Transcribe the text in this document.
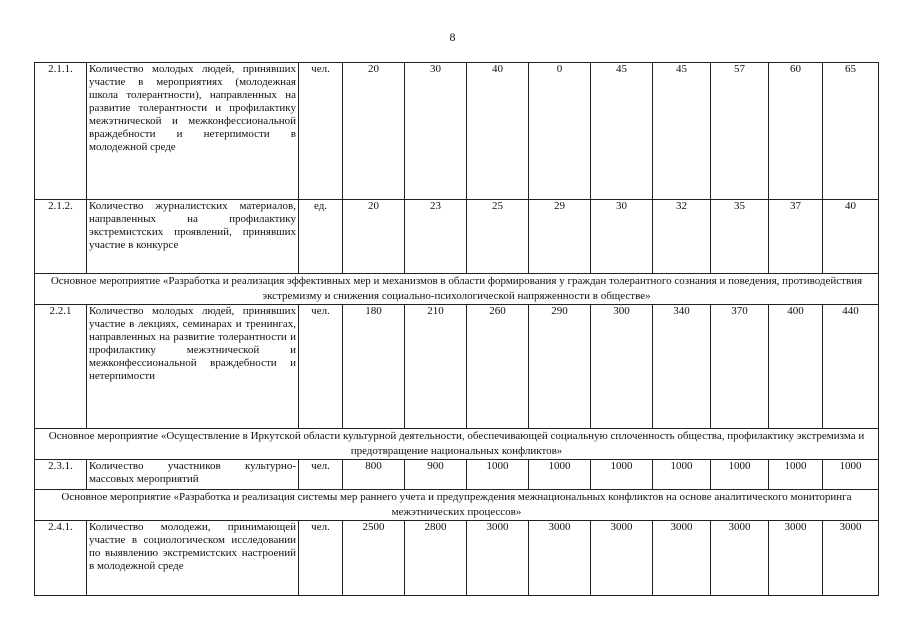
8
2.1.1.	Количество молодых людей, принявших участие в мероприятиях (молодежная школа толерантности), направленных на развитие толерантности и профилактику межэтнической и межконфессиональной враждебности и нетерпимости в молодежной среде	чел.	20	30	40	0	45	45	57	60	65
2.1.2.	Количество журналистских материалов, направленных на профилактику экстремистских проявлений, принявших участие в конкурсе	ед.	20	23	25	29	30	32	35	37	40
Основное мероприятие «Разработка и реализация эффективных мер и механизмов в области формирования у граждан толерантного сознания и поведения, противодействия экстремизму и снижения социально-психологической напряженности в обществе»											
2.2.1	Количество молодых людей, принявших участие в лекциях, семинарах и тренингах, направленных на развитие толерантности и профилактику межэтнической и межконфессиональной враждебности и нетерпимости	чел.	180	210	260	290	300	340	370	400	440
Основное мероприятие «Осуществление в Иркутской области культурной деятельности, обеспечивающей социальную сплоченность общества, профилактику экстремизма и предотвращение национальных конфликтов»											
2.3.1.	Количество участников культурно-массовых мероприятий	чел.	800	900	1000	1000	1000	1000	1000	1000	1000
Основное мероприятие «Разработка и реализация системы мер раннего учета и предупреждения межнациональных конфликтов на основе аналитического мониторинга межэтнических процессов»											
2.4.1.	Количество молодежи, принимающей участие в социологическом исследовании по выявлению экстремистских настроений в молодежной среде	чел.	2500	2800	3000	3000	3000	3000	3000	3000	3000
